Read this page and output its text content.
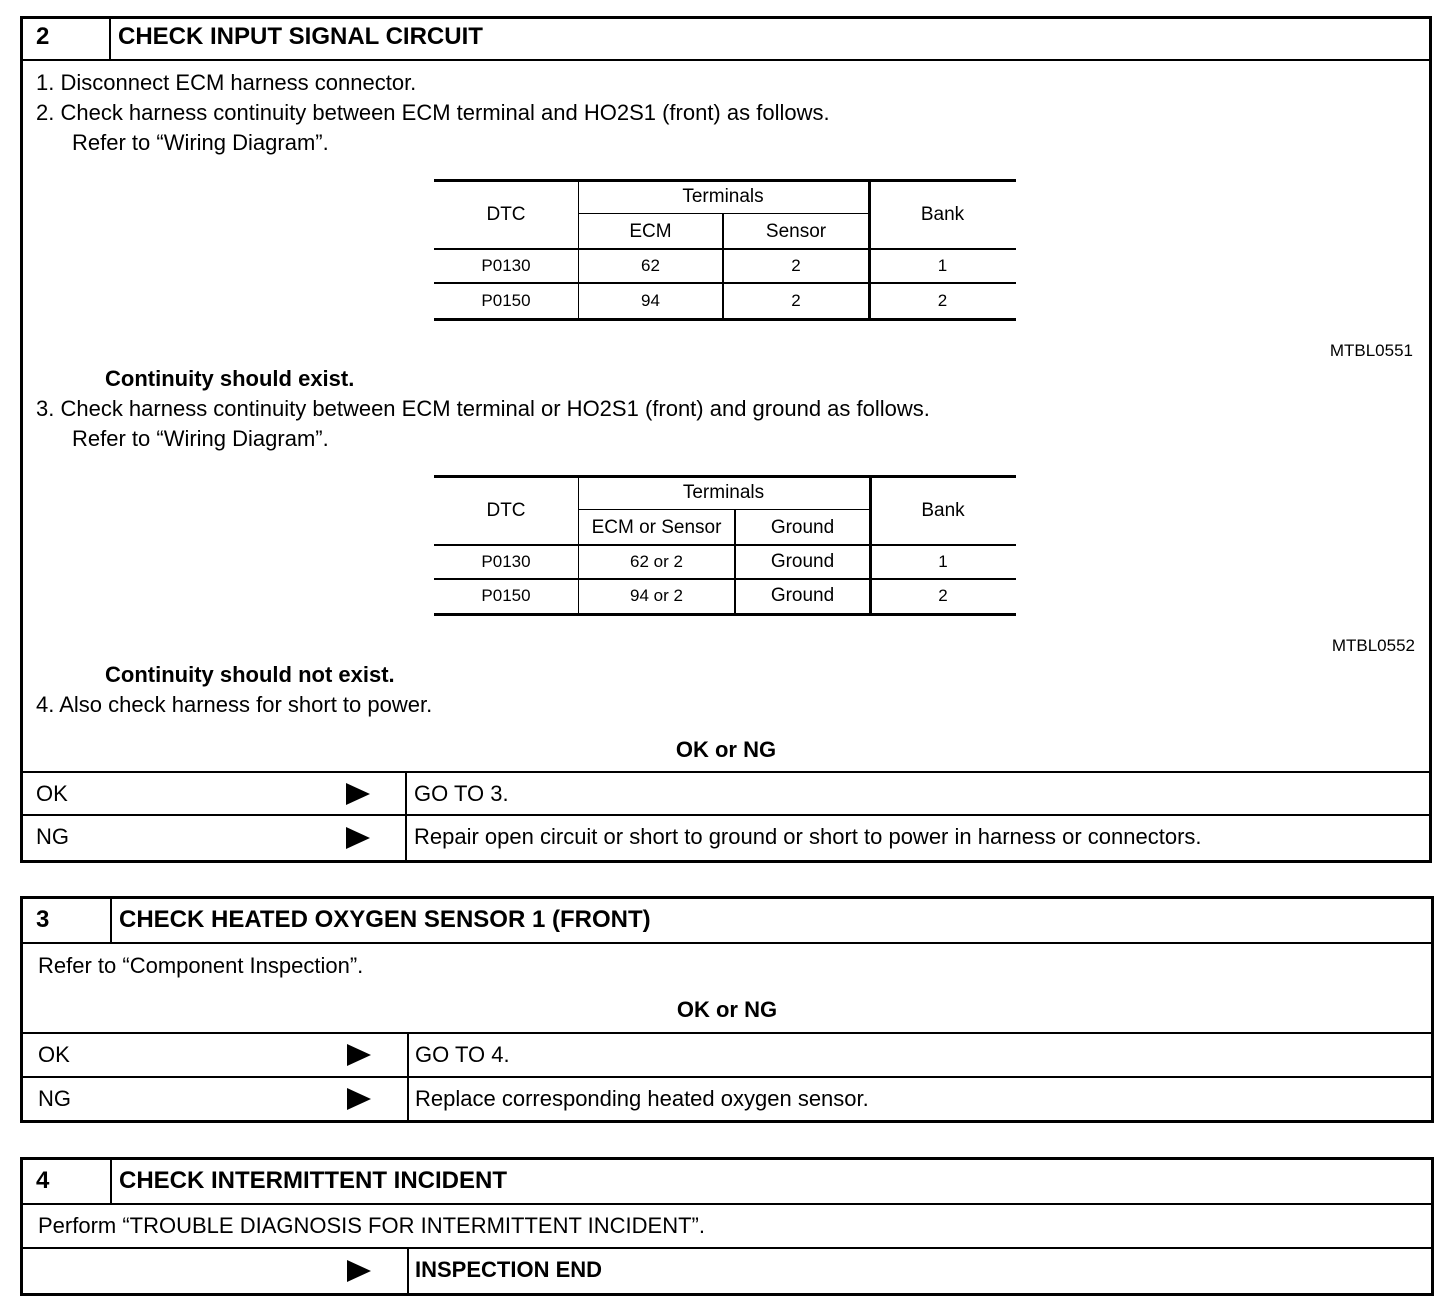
2	CHECK INPUT SIGNAL CIRCUIT
1. Disconnect ECM harness connector.
2. Check harness continuity between ECM terminal and HO2S1 (front) as follows.
Refer to “Wiring Diagram”.
DTC
Terminals
ECM	Sensor
Bank
P0130	62	2	1
P0150	94	2	2
MTBL0551
Continuity should exist.
3. Check harness continuity between ECM terminal or HO2S1 (front) and ground as follows.
Refer to “Wiring Diagram”.
DTC
Terminals
ECM or Sensor	Ground
Bank
P0130	62 or 2	Ground	1
P0150	94 or 2	Ground	2
MTBL0552
Continuity should not exist.
4. Also check harness for short to power.
OK or NG
OK	GO TO 3.
NG	Repair open circuit or short to ground or short to power in harness or connectors.
3	CHECK HEATED OXYGEN SENSOR 1 (FRONT)
Refer to “Component Inspection”.
OK or NG
OK	GO TO 4.
NG	Replace corresponding heated oxygen sensor.
4	CHECK INTERMITTENT INCIDENT
Perform “TROUBLE DIAGNOSIS FOR INTERMITTENT INCIDENT”.
INSPECTION END
